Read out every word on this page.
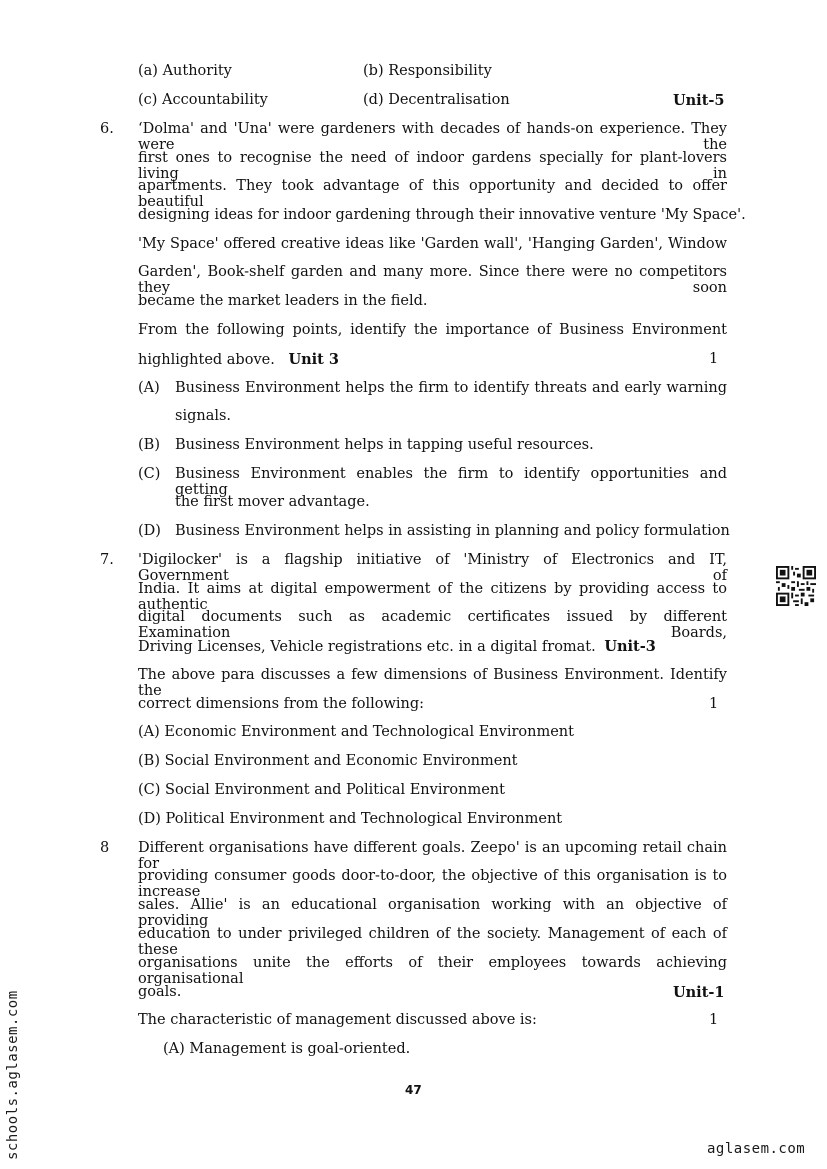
(a) Authority	(b) Responsibility
(c) Accountability	(d) Decentralisation	Unit-5
6. ‘Dolma' and 'Una' were gardeners with decades of hands-on experience. They were the
first ones to recognise the need of indoor gardens specially for plant-lovers living in
apartments. They took advantage of this opportunity and decided to offer beautiful
designing ideas for indoor gardening through their innovative venture 'My Space'.
'My Space' offered creative ideas like 'Garden wall', 'Hanging Garden', Window
Garden', Book-shelf garden and many more. Since there were no competitors they soon
became the market leaders in the field.
From the following points, identify the importance of Business Environment
highlighted above. Unit 3	1
(A) Business Environment helps the firm to identify threats and early warning
signals.
(B) Business Environment helps in tapping useful resources.
(C) Business Environment enables the firm to identify opportunities and getting
the first mover advantage.
(D) Business Environment helps in assisting in planning and policy formulation
7. 'Digilocker' is a flagship initiative of 'Ministry of Electronics and IT, Government of
India. It aims at digital empowerment of the citizens by providing access to authentic
digital documents such as academic certificates issued by different Examination Boards,
Driving Licenses, Vehicle registrations etc. in a digital fromat. Unit-3
The above para discusses a few dimensions of Business Environment. Identify the
correct dimensions from the following:	1
(A) Economic Environment and Technological Environment
(B) Social Environment and Economic Environment
(C) Social Environment and Political Environment
(D) Political Environment and Technological Environment
8 Different organisations have different goals. Zeepo' is an upcoming retail chain for
providing consumer goods door-to-door, the objective of this organisation is to increase
sales. Allie' is an educational organisation working with an objective of providing
education to under privileged children of the society. Management of each of these
organisations unite the efforts of their employees towards achieving organisational
goals.	Unit-1
The characteristic of management discussed above is:	1
(A) Management is goal-oriented.
47
schools.aglasem.com	aglasem.com
